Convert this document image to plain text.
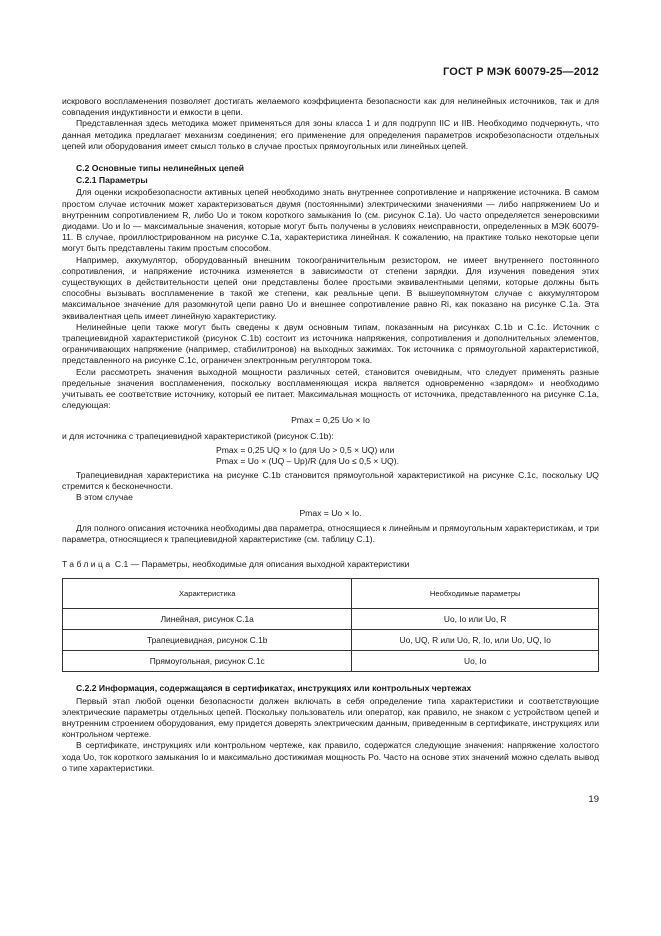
ГОСТ Р МЭК 60079-25—2012

искрового воспламенения позволяет достигать желаемого коэффициента безопасности как для нелинейных источников, так и для совпадения индуктивности и емкости в цепи.

Представленная здесь методика может применяться для зоны класса 1 и для подгрупп IIC и IIB. Необходимо подчеркнуть, что данная методика предлагает механизм соединения; его применение для определения параметров искробезопасности отдельных цепей или оборудования имеет смысл только в случае простых прямоугольных или линейных цепей.

C.2 Основные типы нелинейных цепей

C.2.1 Параметры

Для оценки искробезопасности активных цепей необходимо знать внутреннее сопротивление и напряжение источника. В самом простом случае источник может характеризоваться двумя (постоянными) электрическими значениями — либо напряжением Uo и внутренним сопротивлением R, либо Uo и током короткого замыкания Io (см. рисунок С.1a). Uo часто определяется зенеровскими диодами. Uo и Io — максимальные значения, которые могут быть получены в условиях неисправности, определенных в МЭК 60079-11. В случае, проиллюстрированном на рисунке С.1a, характеристика линейная. К сожалению, на практике только некоторые цепи могут быть представлены таким простым способом.

Например, аккумулятор, оборудованный внешним токоограничительным резистором, не имеет внутреннего постоянного сопротивления, и напряжение источника изменяется в зависимости от степени зарядки. Для изучения поведения этих существующих в действительности цепей они представлены более простыми эквивалентными цепями, которые должны быть способны вызывать воспламенение в такой же степени, как реальные цепи. В вышеупомянутом случае с аккумулятором максимальное значение для разомкнутой цепи равно Uo и внешнее сопротивление равно Ri, как показано на рисунке С.1a. Эта эквивалентная цепь имеет линейную характеристику.

Нелинейные цепи также могут быть сведены к двум основным типам, показанным на рисунках С.1b и С.1c. Источник с трапециевидной характеристикой (рисунок С.1b) состоит из источника напряжения, сопротивления и дополнительных элементов, ограничивающих напряжение (например, стабилитронов) на выходных зажимах. Ток источника с прямоугольной характеристикой, представленного на рисунке С.1c, ограничен электронным регулятором тока.

Если рассмотреть значения выходной мощности различных сетей, становится очевидным, что следует применять разные предельные значения воспламенения, поскольку воспламеняющая искра является одновременно «зарядом» и необходимо учитывать ее соответствие источнику, который ее питает. Максимальная мощность от источника, представленного на рисунке С.1a, следующая:

Pmax = 0,25 Uo × Io

и для источника с трапециевидной характеристикой (рисунок С.1b):

Pmax = 0,25 UQ × Io (для Uo > 0,5 × UQ) или
Pmax = Uo × (UQ – Up)/R (для Uo ≤ 0,5 × UQ).

Трапециевидная характеристика на рисунке С.1b становится прямоугольной характеристикой на рисунке С.1c, поскольку UQ стремится к бесконечности.

В этом случае

Pmax = Uo × Io.

Для полного описания источника необходимы два параметра, относящиеся к линейным и прямоугольным характеристикам, и три параметра, относящиеся к трапециевидной характеристике (см. таблицу С.1).

Таблица С.1 — Параметры, необходимые для описания выходной характеристики

Характеристика	Необходимые параметры
Линейная, рисунок С.1a	Uo, Io или Uo, R
Трапециевидная, рисунок С.1b	Uo, UQ, R или Uo, R, Io, или Uo, UQ, Io
Прямоугольная, рисунок С.1c	Uo, Io

C.2.2 Информация, содержащаяся в сертификатах, инструкциях или контрольных чертежах

Первый этап любой оценки безопасности должен включать в себя определение типа характеристики и соответствующие электрические параметры отдельных цепей. Поскольку пользователь или оператор, как правило, не знаком с устройством цепей и внутренним строением оборудования, ему придется доверять электрическим данным, приведенным в сертификате, инструкциях или контрольном чертеже.

В сертификате, инструкциях или контрольном чертеже, как правило, содержатся следующие значения: напряжение холостого хода Uo, ток короткого замыкания Io и максимально достижимая мощность Po. Часто на основе этих значений можно сделать вывод о типе характеристики.

19
